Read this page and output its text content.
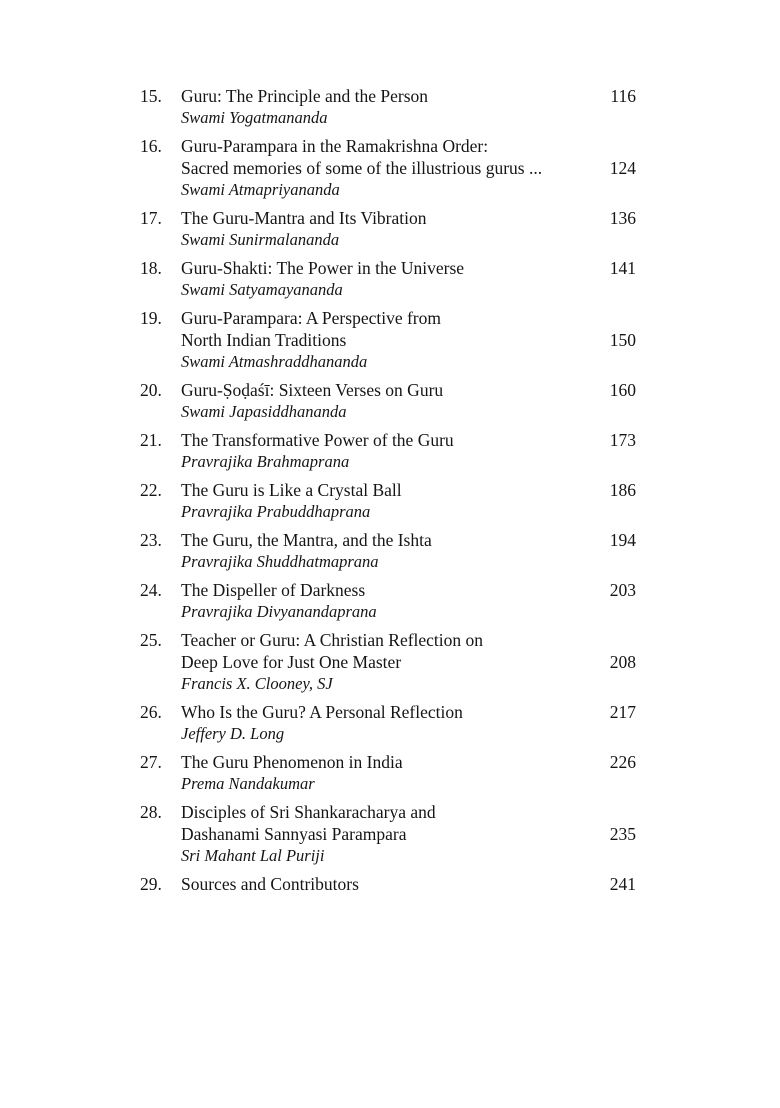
15.	Guru: The Principle and the Person	116
Swami Yogatmananda
16.	Guru-Parampara in the Ramakrishna Order:
Sacred memories of some of the illustrious gurus ...	124
Swami Atmapriyananda
17.	The Guru-Mantra and Its Vibration	136
Swami Sunirmalananda
18.	Guru-Shakti: The Power in the Universe	141
Swami Satyamayananda
19.	Guru-Parampara: A Perspective from
North Indian Traditions	150
Swami Atmashraddhananda
20.	Guru-Ṣoḍaśī: Sixteen Verses on Guru	160
Swami Japasiddhananda
21.	The Transformative Power of the Guru	173
Pravrajika Brahmaprana
22.	The Guru is Like a Crystal Ball	186
Pravrajika Prabuddhaprana
23.	The Guru, the Mantra, and the Ishta	194
Pravrajika Shuddhatmaprana
24.	The Dispeller of Darkness	203
Pravrajika Divyanandaprana
25.	Teacher or Guru: A Christian Reflection on
Deep Love for Just One Master	208
Francis X. Clooney, SJ
26.	Who Is the Guru? A Personal Reflection	217
Jeffery D. Long
27.	The Guru Phenomenon in India	226
Prema Nandakumar
28.	Disciples of Sri Shankaracharya and
Dashanami Sannyasi Parampara	235
Sri Mahant Lal Puriji
29.	Sources and Contributors	241
